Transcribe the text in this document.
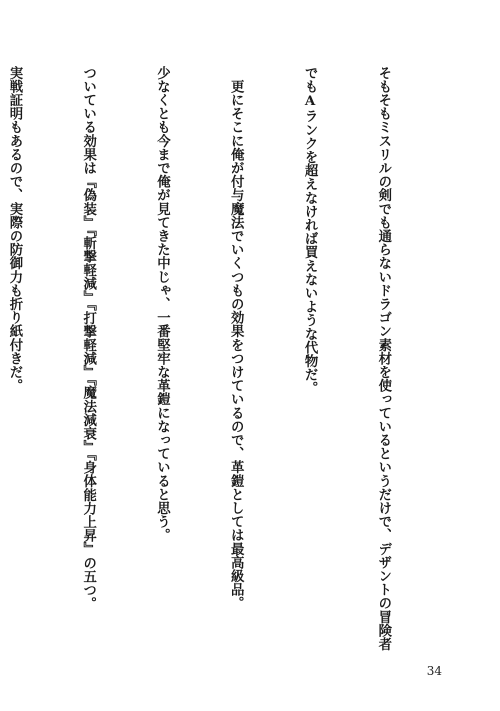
そもそもミスリルの剣でも通らないドラゴン素材を使っているというだけで、デザントの冒険者

でもAランクを超えなければ買えないような代物だ。

　更にそこに俺が付与魔法でいくつもの効果をつけているので、革鎧としては最高級品。

少なくとも今まで俺が見てきた中じゃ、一番堅牢な革鎧になっていると思う。

ついている効果は『偽装』『斬撃軽減』『打撃軽減』『魔法減衰』『身体能力上昇』の五つ。

実戦証明もあるので、実際の防御力も折り紙付きだ。

34
